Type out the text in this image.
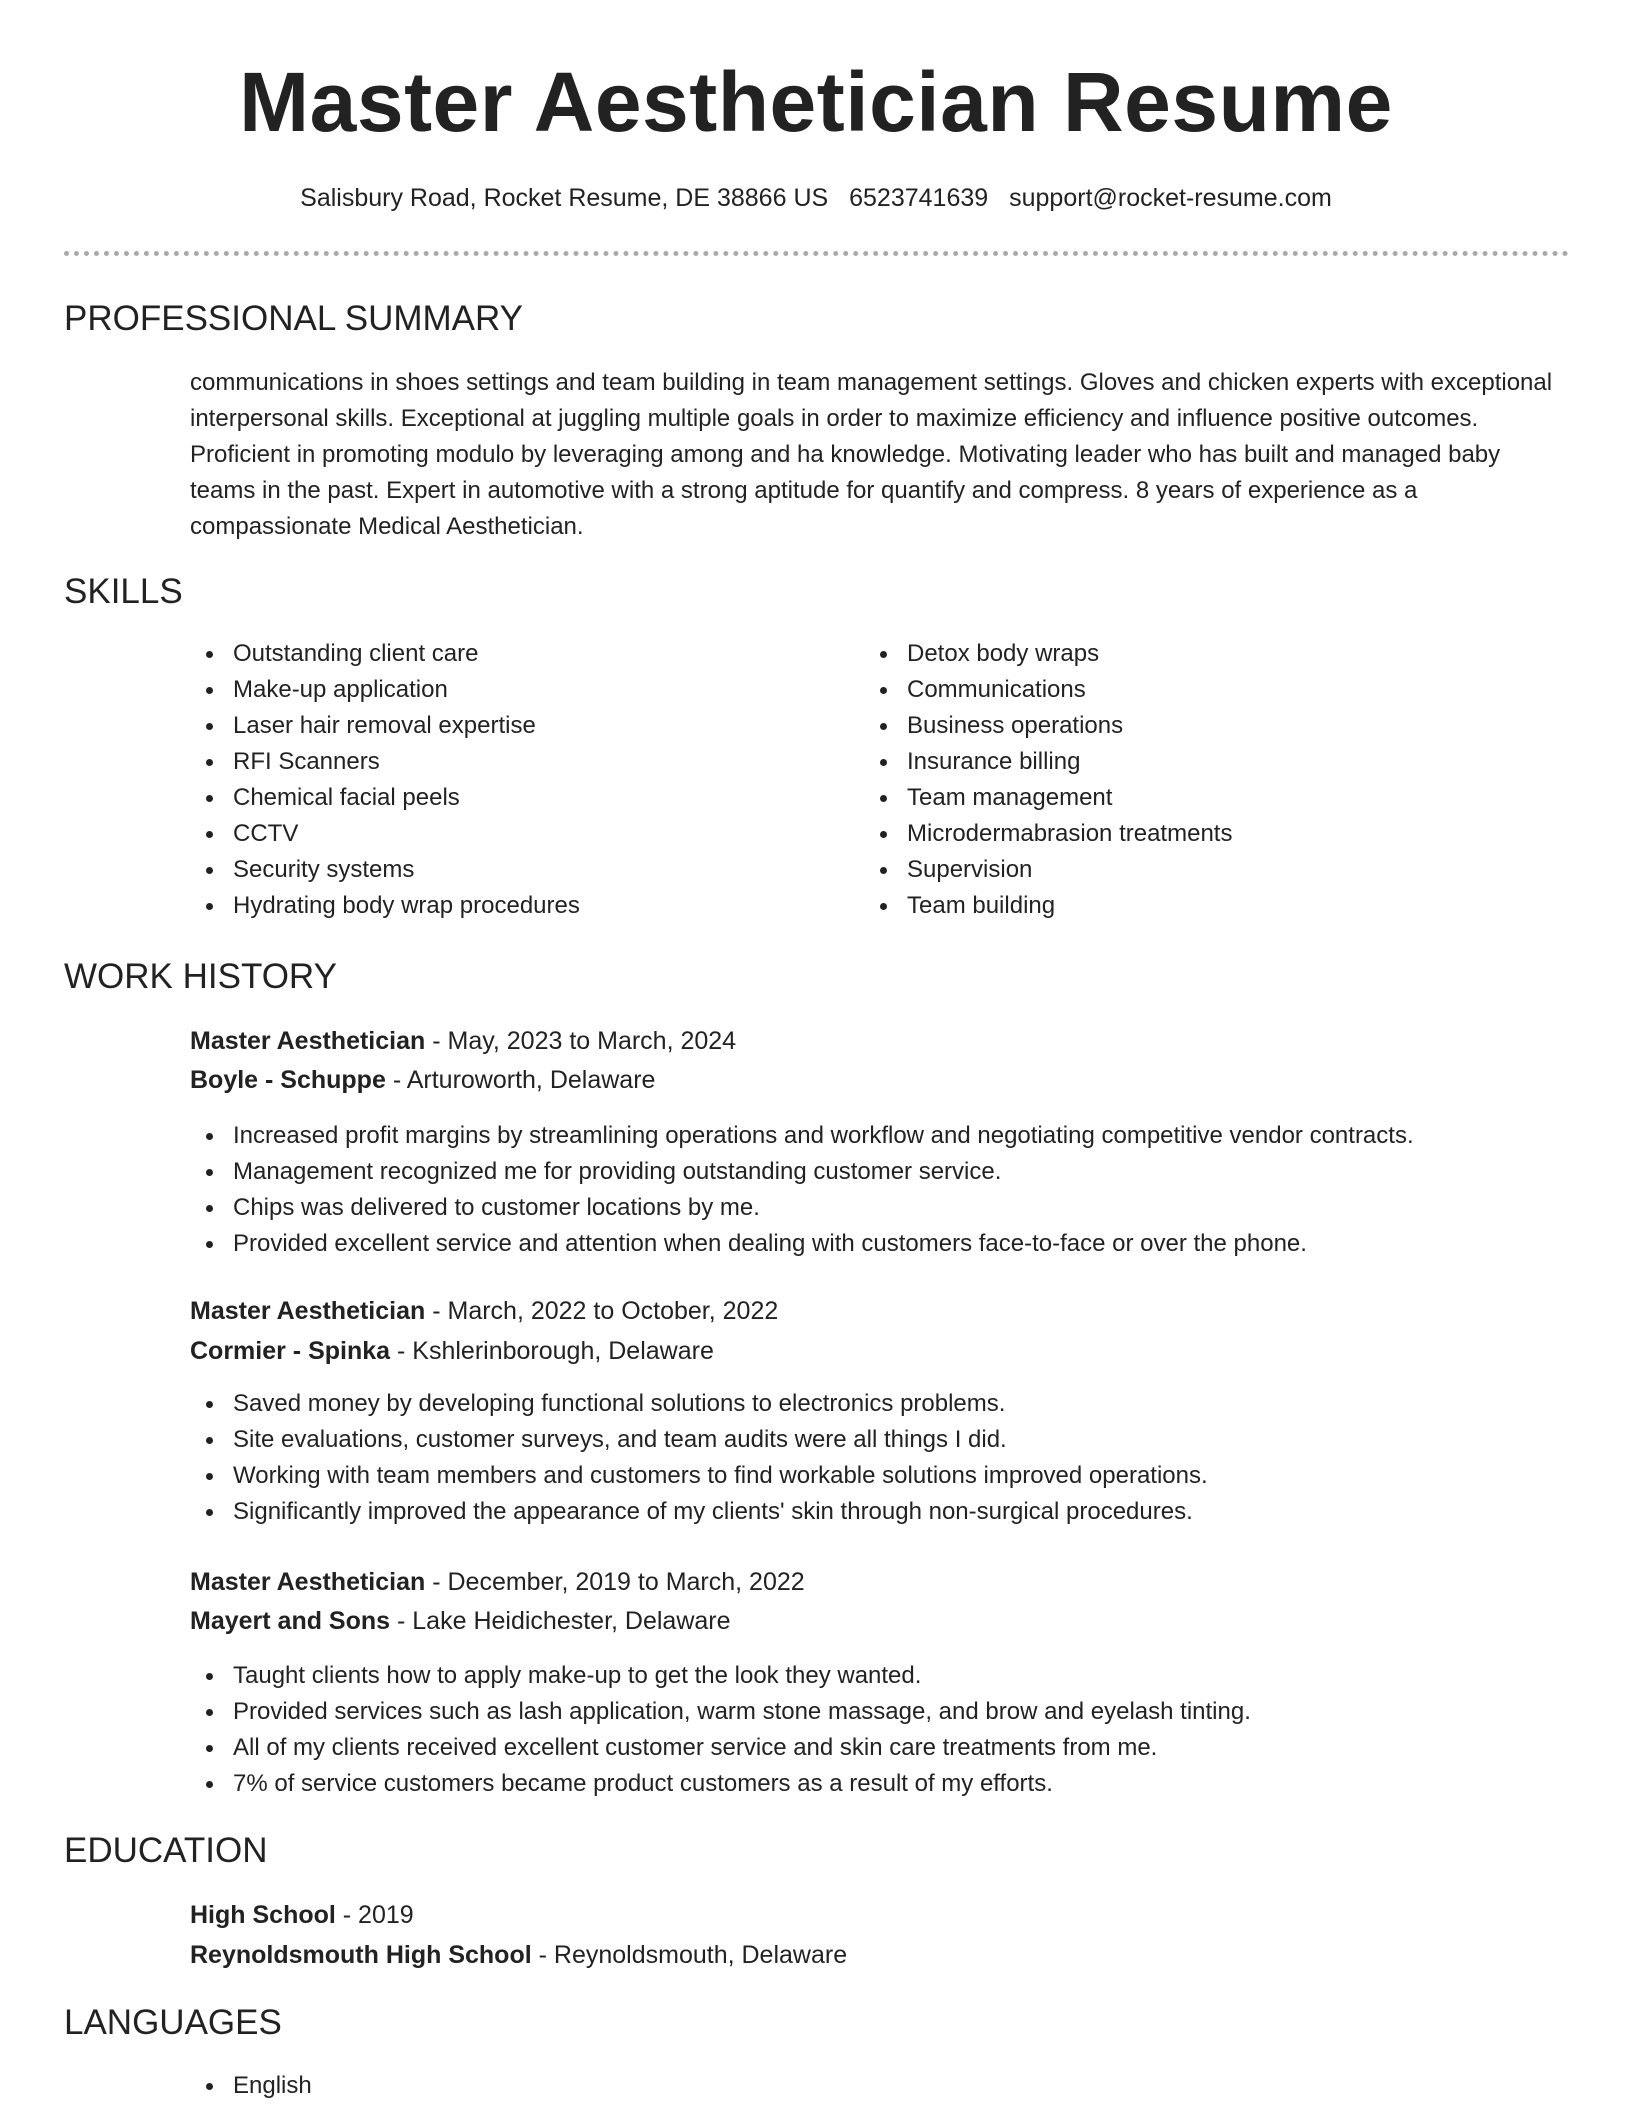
Master Aesthetician Resume
Salisbury Road, Rocket Resume, DE 38866 US 6523741639 support@rocket-resume.com
PROFESSIONAL SUMMARY

communications in shoes settings and team building in team management settings. Gloves and chicken experts with exceptional interpersonal skills. Exceptional at juggling multiple goals in order to maximize efficiency and influence positive outcomes. Proficient in promoting modulo by leveraging among and ha knowledge. Motivating leader who has built and managed baby teams in the past. Expert in automotive with a strong aptitude for quantify and compress. 8 years of experience as a compassionate Medical Aesthetician.

SKILLS
Outstanding client care
Make-up application
Laser hair removal expertise
RFI Scanners
Chemical facial peels
CCTV
Security systems
Hydrating body wrap procedures
Detox body wraps
Communications
Business operations
Insurance billing
Team management
Microdermabrasion treatments
Supervision
Team building
WORK HISTORY
Master Aesthetician - May, 2023 to March, 2024
Boyle - Schuppe - Arturoworth, Delaware
Increased profit margins by streamlining operations and workflow and negotiating competitive vendor contracts.
Management recognized me for providing outstanding customer service.
Chips was delivered to customer locations by me.
Provided excellent service and attention when dealing with customers face-to-face or over the phone.
Master Aesthetician - March, 2022 to October, 2022
Cormier - Spinka - Kshlerinborough, Delaware
Saved money by developing functional solutions to electronics problems.
Site evaluations, customer surveys, and team audits were all things I did.
Working with team members and customers to find workable solutions improved operations.
Significantly improved the appearance of my clients' skin through non-surgical procedures.
Master Aesthetician - December, 2019 to March, 2022
Mayert and Sons - Lake Heidichester, Delaware
Taught clients how to apply make-up to get the look they wanted.
Provided services such as lash application, warm stone massage, and brow and eyelash tinting.
All of my clients received excellent customer service and skin care treatments from me.
7% of service customers became product customers as a result of my efforts.
EDUCATION
High School - 2019
Reynoldsmouth High School - Reynoldsmouth, Delaware
LANGUAGES
English
